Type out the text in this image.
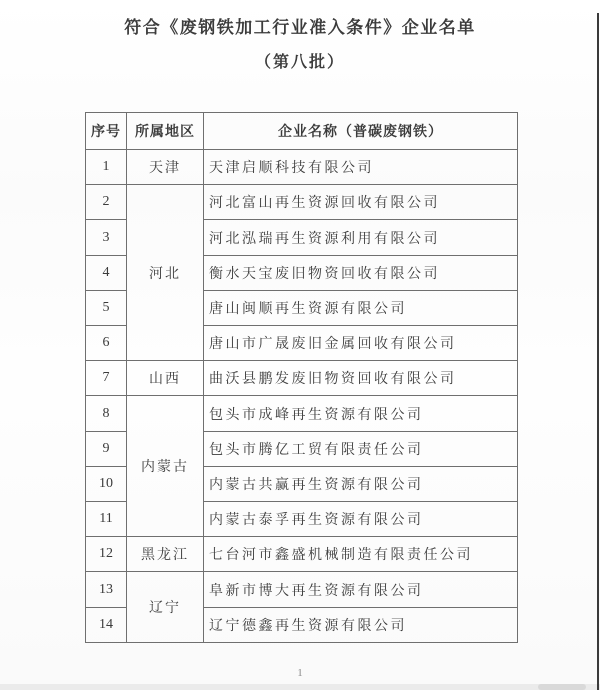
符合《废钢铁加工行业准入条件》企业名单
（第八批）
序号	所属地区	企业名称（普碳废钢铁）
1	天津	天津启顺科技有限公司
2	河北	河北富山再生资源回收有限公司
3		河北泓瑞再生资源利用有限公司
4		衡水天宝废旧物资回收有限公司
5		唐山闽顺再生资源有限公司
6		唐山市广晟废旧金属回收有限公司
7	山西	曲沃县鹏发废旧物资回收有限公司
8	内蒙古	包头市成峰再生资源有限公司
9		包头市腾亿工贸有限责任公司
10		内蒙古共赢再生资源有限公司
11		内蒙古泰孚再生资源有限公司
12	黑龙江	七台河市鑫盛机械制造有限责任公司
13	辽宁	阜新市博大再生资源有限公司
14		辽宁德鑫再生资源有限公司
1
